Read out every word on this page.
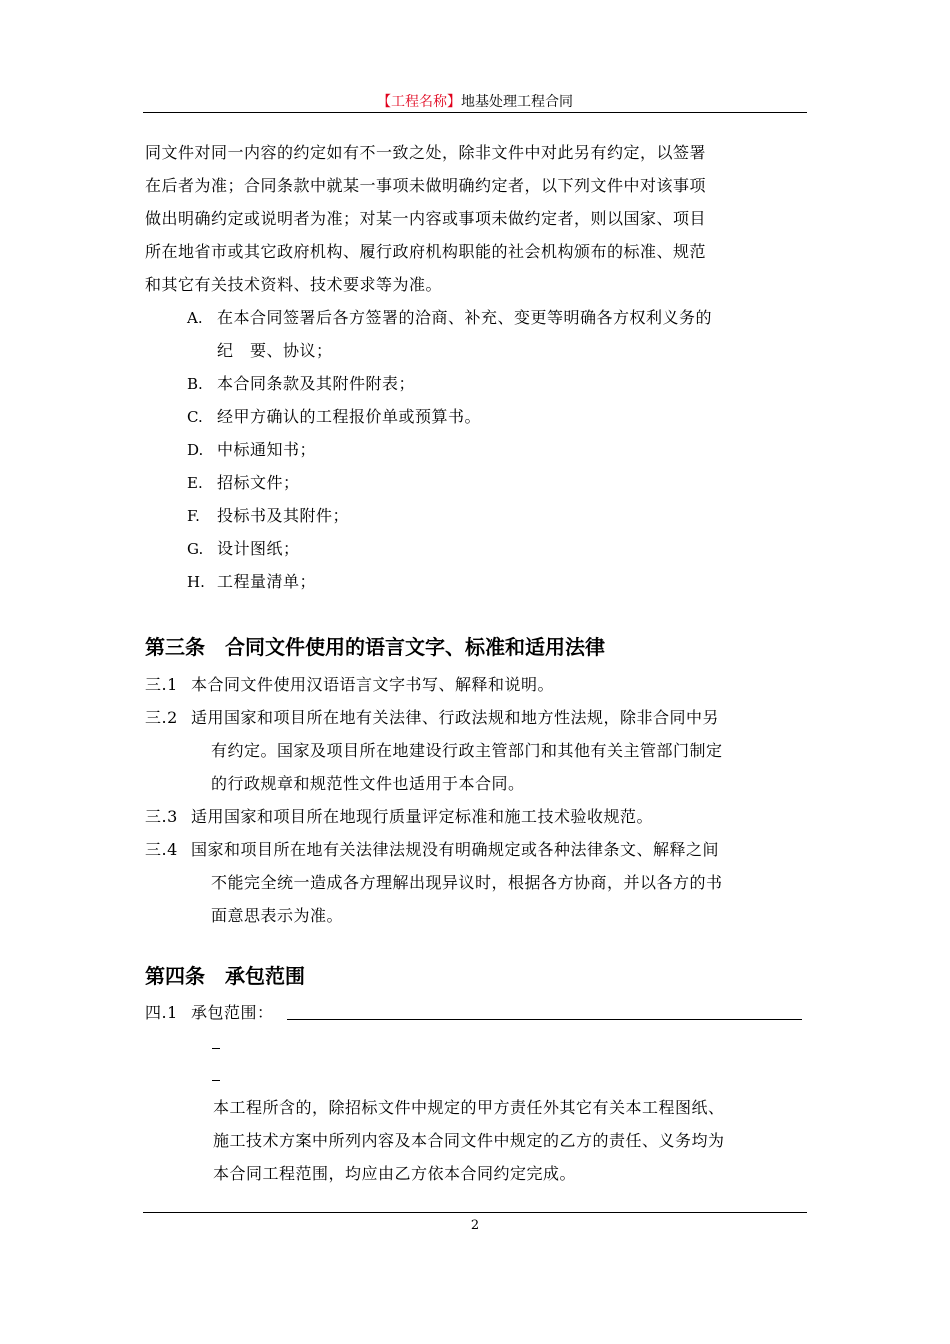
【工程名称】地基处理工程合同
同文件对同一内容的约定如有不一致之处，除非文件中对此另有约定，以签署
在后者为准；合同条款中就某一事项未做明确约定者，以下列文件中对该事项
做出明确约定或说明者为准；对某一内容或事项未做约定者，则以国家、项目
所在地省市或其它政府机构、履行政府机构职能的社会机构颁布的标准、规范
和其它有关技术资料、技术要求等为准。
A. 在本合同签署后各方签署的洽商、补充、变更等明确各方权利义务的
纪　要、协议；
B. 本合同条款及其附件附表；
C. 经甲方确认的工程报价单或预算书。
D. 中标通知书；
E. 招标文件；
F. 投标书及其附件；
G. 设计图纸；
H. 工程量清单；
第三条　合同文件使用的语言文字、标准和适用法律
三.1 本合同文件使用汉语语言文字书写、解释和说明。
三.2 适用国家和项目所在地有关法律、行政法规和地方性法规，除非合同中另
有约定。国家及项目所在地建设行政主管部门和其他有关主管部门制定
的行政规章和规范性文件也适用于本合同。
三.3 适用国家和项目所在地现行质量评定标准和施工技术验收规范。
三.4 国家和项目所在地有关法律法规没有明确规定或各种法律条文、解释之间
不能完全统一造成各方理解出现异议时，根据各方协商，并以各方的书
面意思表示为准。
第四条　承包范围
四.1 承包范围：
本工程所含的，除招标文件中规定的甲方责任外其它有关本工程图纸、
施工技术方案中所列内容及本合同文件中规定的乙方的责任、义务均为
本合同工程范围，均应由乙方依本合同约定完成。
2
